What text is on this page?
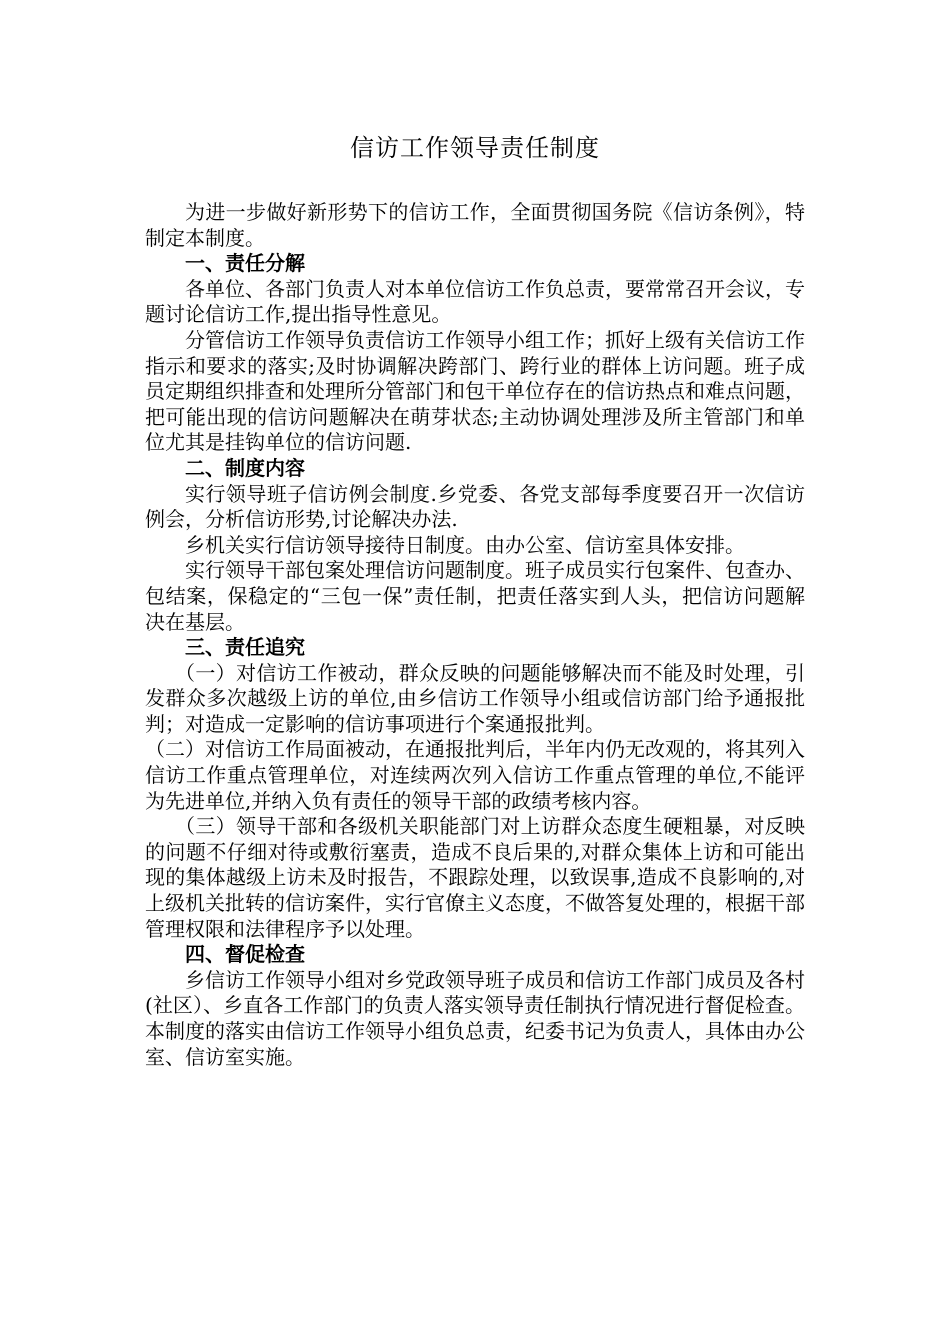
信访工作领导责任制度

为进一步做好新形势下的信访工作，全面贯彻国务院《信访条例》，特制定本制度。

一、责任分解

各单位、各部门负责人对本单位信访工作负总责，要常常召开会议，专题讨论信访工作,提出指导性意见。

分管信访工作领导负责信访工作领导小组工作；抓好上级有关信访工作指示和要求的落实;及时协调解决跨部门、跨行业的群体上访问题。班子成员定期组织排查和处理所分管部门和包干单位存在的信访热点和难点问题，把可能出现的信访问题解决在萌芽状态;主动协调处理涉及所主管部门和单位尤其是挂钩单位的信访问题.

二、制度内容

实行领导班子信访例会制度.乡党委、各党支部每季度要召开一次信访例会，分析信访形势,讨论解决办法.

乡机关实行信访领导接待日制度。由办公室、信访室具体安排。

实行领导干部包案处理信访问题制度。班子成员实行包案件、包查办、包结案，保稳定的“三包一保”责任制，把责任落实到人头，把信访问题解决在基层。

三、责任追究

（一）对信访工作被动，群众反映的问题能够解决而不能及时处理，引发群众多次越级上访的单位,由乡信访工作领导小组或信访部门给予通报批判；对造成一定影响的信访事项进行个案通报批判。

（二）对信访工作局面被动，在通报批判后，半年内仍无改观的，将其列入信访工作重点管理单位，对连续两次列入信访工作重点管理的单位,不能评为先进单位,并纳入负有责任的领导干部的政绩考核内容。

（三）领导干部和各级机关职能部门对上访群众态度生硬粗暴，对反映的问题不仔细对待或敷衍塞责，造成不良后果的,对群众集体上访和可能出现的集体越级上访未及时报告，不跟踪处理，以致误事,造成不良影响的,对上级机关批转的信访案件，实行官僚主义态度，不做答复处理的，根据干部管理权限和法律程序予以处理。

四、督促检查

乡信访工作领导小组对乡党政领导班子成员和信访工作部门成员及各村(社区）、乡直各工作部门的负责人落实领导责任制执行情况进行督促检查。本制度的落实由信访工作领导小组负总责，纪委书记为负责人，具体由办公室、信访室实施。
